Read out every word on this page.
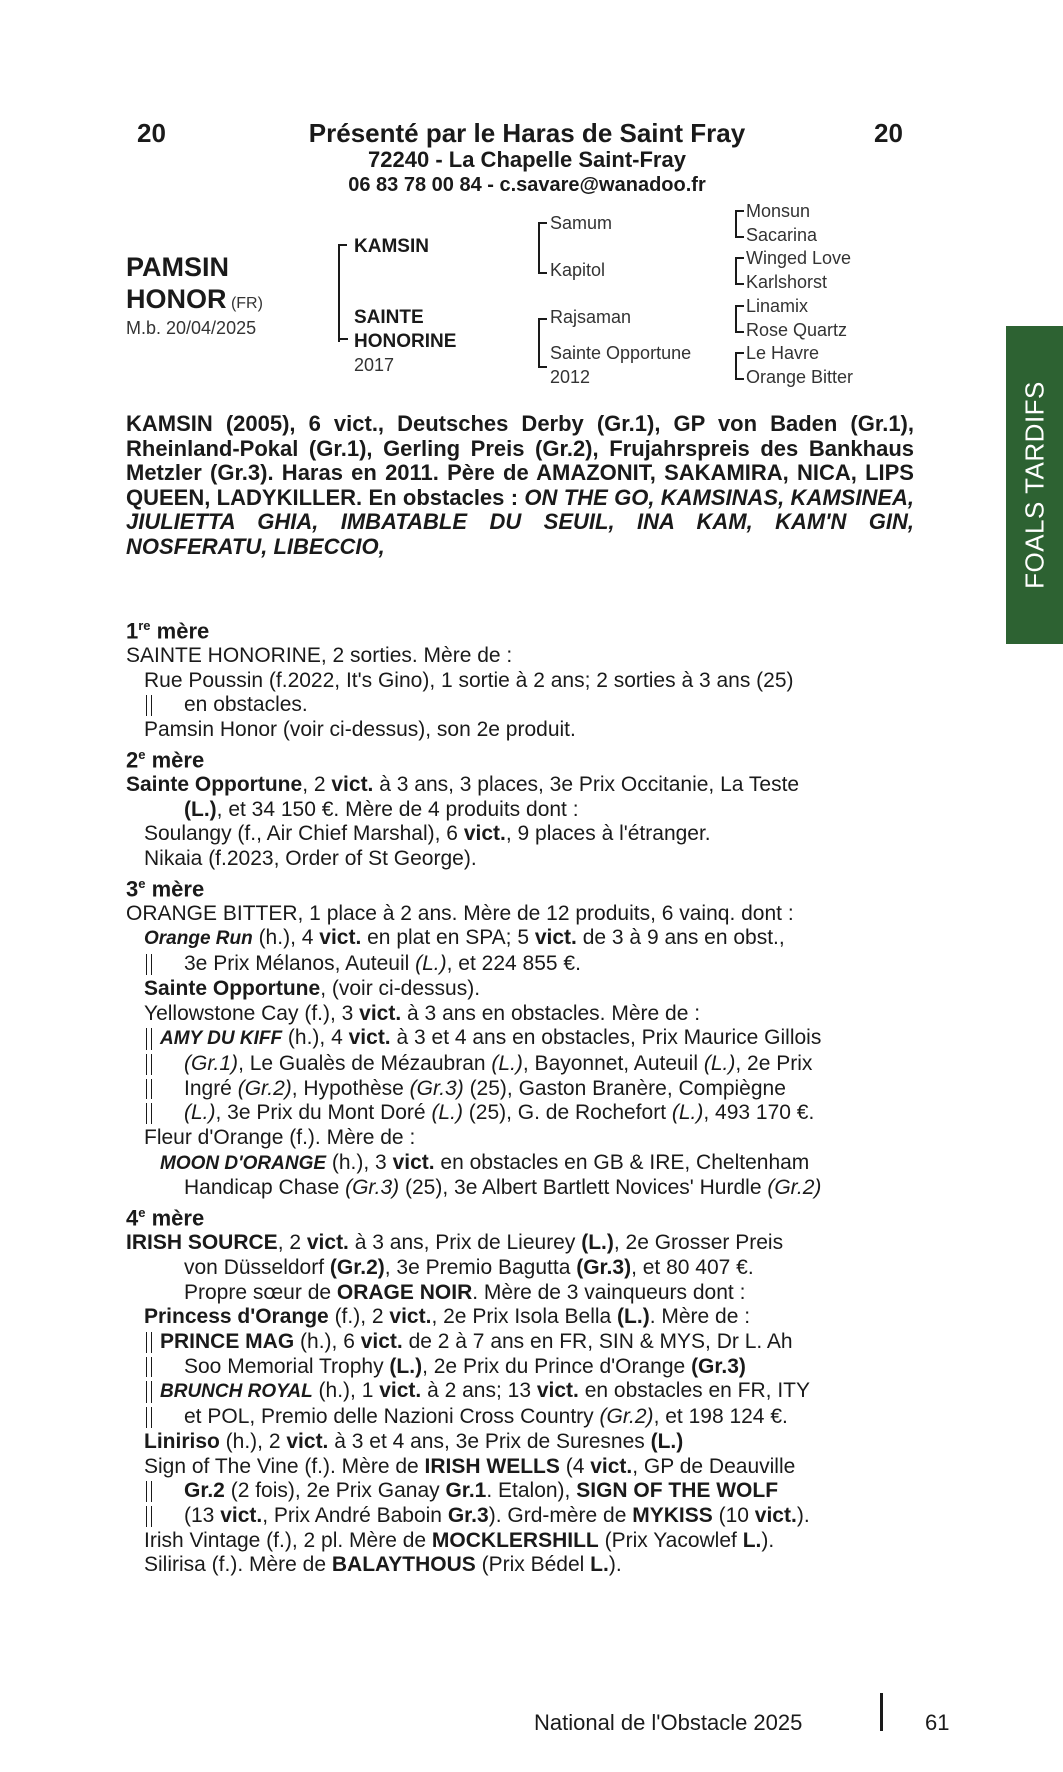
20	20
Présenté par le Haras de Saint Fray
72240 - La Chapelle Saint-Fray
06 83 78 00 84 - c.savare@wanadoo.fr
PAMSIN
HONOR (FR)
M.b. 20/04/2025
KAMSIN
SAINTE
HONORINE
2017
Samum
Kapitol
Rajsaman
Sainte Opportune
2012
Monsun
Sacarina
Winged Love
Karlshorst
Linamix
Rose Quartz
Le Havre
Orange Bitter
FOALS TARDIFS
KAMSIN (2005), 6 vict., Deutsches Derby (Gr.1), GP von Baden (Gr.1), Rheinland-Pokal (Gr.1), Gerling Preis (Gr.2), Frujahrspreis des Bankhaus Metzler (Gr.3). Haras en 2011. Père de AMAZONIT, SAKAMIRA, NICA, LIPS QUEEN, LADYKILLER. En obstacles : ON THE GO, KAMSINAS, KAMSINEA, JIULIETTA GHIA, IMBATABLE DU SEUIL, INA KAM, KAM'N GIN, NOSFERATU, LIBECCIO,

1re mère

SAINTE HONORINE, 2 sorties. Mère de :

Rue Poussin (f.2022, It's Gino), 1 sortie à 2 ans; 2 sorties à 3 ans (25)

en obstacles.

Pamsin Honor (voir ci-dessus), son 2e produit.

2e mère

Sainte Opportune, 2 vict. à 3 ans, 3 places, 3e Prix Occitanie, La Teste

(L.), et 34 150 €. Mère de 4 produits dont :

Soulangy (f., Air Chief Marshal), 6 vict., 9 places à l'étranger.

Nikaia (f.2023, Order of St George).

3e mère

ORANGE BITTER, 1 place à 2 ans. Mère de 12 produits, 6 vainq. dont :

Orange Run (h.), 4 vict. en plat en SPA; 5 vict. de 3 à 9 ans en obst.,

3e Prix Mélanos, Auteuil (L.), et 224 855 €.

Sainte Opportune, (voir ci-dessus).

Yellowstone Cay (f.), 3 vict. à 3 ans en obstacles. Mère de :

AMY DU KIFF (h.), 4 vict. à 3 et 4 ans en obstacles, Prix Maurice Gillois

(Gr.1), Le Gualès de Mézaubran (L.), Bayonnet, Auteuil (L.), 2e Prix

Ingré (Gr.2), Hypothèse (Gr.3) (25), Gaston Branère, Compiègne

(L.), 3e Prix du Mont Doré (L.) (25), G. de Rochefort (L.), 493 170 €.

Fleur d'Orange (f.). Mère de :

MOON D'ORANGE (h.), 3 vict. en obstacles en GB & IRE, Cheltenham

Handicap Chase (Gr.3) (25), 3e Albert Bartlett Novices' Hurdle (Gr.2)

4e mère

IRISH SOURCE, 2 vict. à 3 ans, Prix de Lieurey (L.), 2e Grosser Preis

von Düsseldorf (Gr.2), 3e Premio Bagutta (Gr.3), et 80 407 €.

Propre sœur de ORAGE NOIR. Mère de 3 vainqueurs dont :

Princess d'Orange (f.), 2 vict., 2e Prix Isola Bella (L.). Mère de :

PRINCE MAG (h.), 6 vict. de 2 à 7 ans en FR, SIN & MYS, Dr L. Ah

Soo Memorial Trophy (L.), 2e Prix du Prince d'Orange (Gr.3)

BRUNCH ROYAL (h.), 1 vict. à 2 ans; 13 vict. en obstacles en FR, ITY

et POL, Premio delle Nazioni Cross Country (Gr.2), et 198 124 €.

Liniriso (h.), 2 vict. à 3 et 4 ans, 3e Prix de Suresnes (L.)

Sign of The Vine (f.). Mère de IRISH WELLS (4 vict., GP de Deauville

Gr.2 (2 fois), 2e Prix Ganay Gr.1. Etalon), SIGN OF THE WOLF

(13 vict., Prix André Baboin Gr.3). Grd-mère de MYKISS (10 vict.).

Irish Vintage (f.), 2 pl. Mère de MOCKLERSHILL (Prix Yacowlef L.).

Silirisa (f.). Mère de BALAYTHOUS (Prix Bédel L.).

National de l'Obstacle 2025	61
